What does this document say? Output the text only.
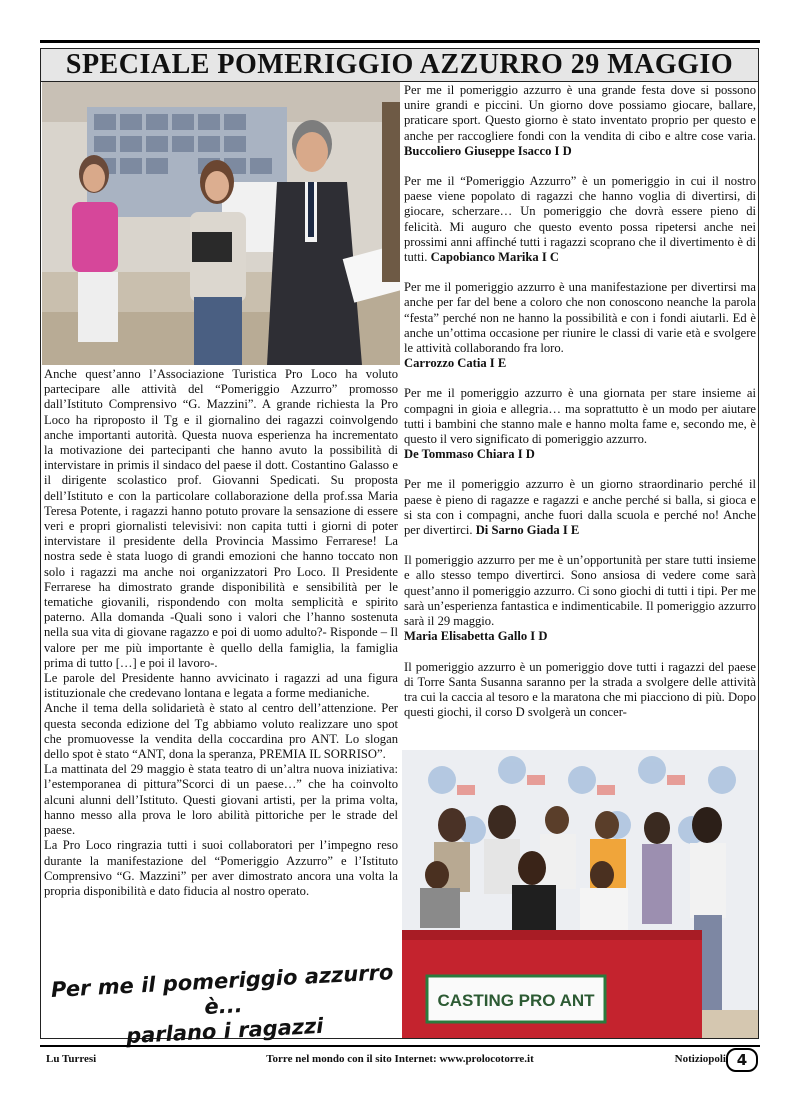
SPECIALE POMERIGGIO AZZURRO 29 MAGGIO

Anche quest’anno l’Associazione Turistica Pro Loco ha voluto partecipare alle attività del “Pomeriggio Azzurro” promosso dall’Istituto Comprensivo “G. Mazzini”. A grande richiesta la Pro Loco ha riproposto il Tg e il giornalino dei ragazzi coinvolgendo anche importanti autorità. Questa nuova esperienza ha incrementato la motivazione dei partecipanti che hanno avuto la possibilità di intervistare in primis il sindaco del paese il dott. Costantino Galasso e il dirigente scolastico prof. Giovanni Spedicati. Su proposta dell’Istituto e con la particolare collaborazione della prof.ssa Maria Teresa Potente, i ragazzi hanno potuto provare la sensazione di essere veri e propri giornalisti televisivi: non capita tutti i giorni di poter intervistare il presidente della Provincia Massimo Ferrarese! La nostra sede è stata luogo di grandi emozioni che hanno toccato non solo i ragazzi ma anche noi organizzatori Pro Loco. Il Presidente Ferrarese ha dimostrato grande disponibilità e sensibilità per le tematiche giovanili, rispondendo con molta semplicità e spirito paterno. Alla domanda -Quali sono i valori che l’hanno sostenuta nella sua vita di giovane ragazzo e poi di uomo adulto?- Risponde – Il valore per me più importante è quello della famiglia, la famiglia prima di tutto […] e poi il lavoro-.

Le parole del Presidente hanno avvicinato i ragazzi ad una figura istituzionale che credevano lontana e legata a forme medianiche.

Anche il tema della solidarietà è stato al centro dell’attenzione. Per questa seconda edizione del Tg abbiamo voluto realizzare uno spot che promuovesse la vendita della coccardina pro ANT. Lo slogan dello spot è stato “ANT, dona la speranza, PREMIA IL SORRISO”.

La mattinata del 29 maggio è stata teatro di un’altra nuova iniziativa: l’estemporanea di pittura”Scorci di un paese…” che ha coinvolto alcuni alunni dell’Istituto. Questi giovani artisti, per la prima volta, hanno messo alla prova le loro abilità pittoriche per le strade del paese.

La Pro Loco ringrazia tutti i suoi collaboratori per l’impegno reso durante la manifestazione del “Pomeriggio Azzurro” e l’Istituto Comprensivo “G. Mazzini” per aver dimostrato ancora una volta la propria disponibilità e dato fiducia al nostro operato.

Per me il pomeriggio azzurro è...
parlano i ragazzi

Per me il pomeriggio azzurro è una grande festa dove si possono unire grandi e piccini. Un giorno dove possiamo giocare, ballare, praticare sport. Questo giorno è stato inventato proprio per questo e anche per raccogliere fondi con la vendita di cibo e altre cose varia. Buccoliero Giuseppe Isacco I D

Per me il “Pomeriggio Azzurro” è un pomeriggio in cui il nostro paese viene popolato di ragazzi che hanno voglia di divertirsi, di giocare, scherzare… Un pomeriggio che dovrà essere pieno di felicità. Mi auguro che questo evento possa ripetersi anche nei prossimi anni affinché tutti i ragazzi scoprano che il divertimento è di tutti. Capobianco Marika I C

Per me il pomeriggio azzurro è una manifestazione per divertirsi ma anche per far del bene a coloro che non conoscono neanche la parola “festa” perché non ne hanno la possibilità e con i fondi aiutarli. Ed è anche un’ottima occasione per riunire le classi di varie età e svolgere le attività collaborando fra loro.
Carrozzo Catia I E

Per me il pomeriggio azzurro è una giornata per stare insieme ai compagni in gioia e allegria… ma soprattutto è un modo per aiutare tutti i bambini che stanno male e hanno molta fame e, secondo me, è questo il vero significato di pomeriggio azzurro.
De Tommaso Chiara I D

Per me il pomeriggio azzurro è un giorno straordinario perché il paese è pieno di ragazze e ragazzi e anche perché si balla, si gioca e si sta con i compagni, anche fuori dalla scuola e perché no! Anche per divertirci. Di Sarno Giada I E

Il pomeriggio azzurro per me è un’opportunità per stare tutti insieme e allo stesso tempo divertirci. Sono ansiosa di vedere come sarà quest’anno il pomeriggio azzurro. Ci sono giochi di tutti i tipi. Per me sarà un’esperienza fantastica e indimenticabile. Il pomeriggio azzurro sarà il 29 maggio.
Maria Elisabetta Gallo I D

Il pomeriggio azzurro è un pomeriggio dove tutti i ragazzi del paese di Torre Santa Susanna saranno per la strada a svolgere delle attività tra cui la caccia al tesoro e la maratona che mi piacciono di più. Dopo questi giochi, il corso D svolgerà un concer-

CASTING PRO ANT
Lu Turresi	Torre nel mondo con il sito Internet: www.prolocotorre.it	Notiziopoli 4
